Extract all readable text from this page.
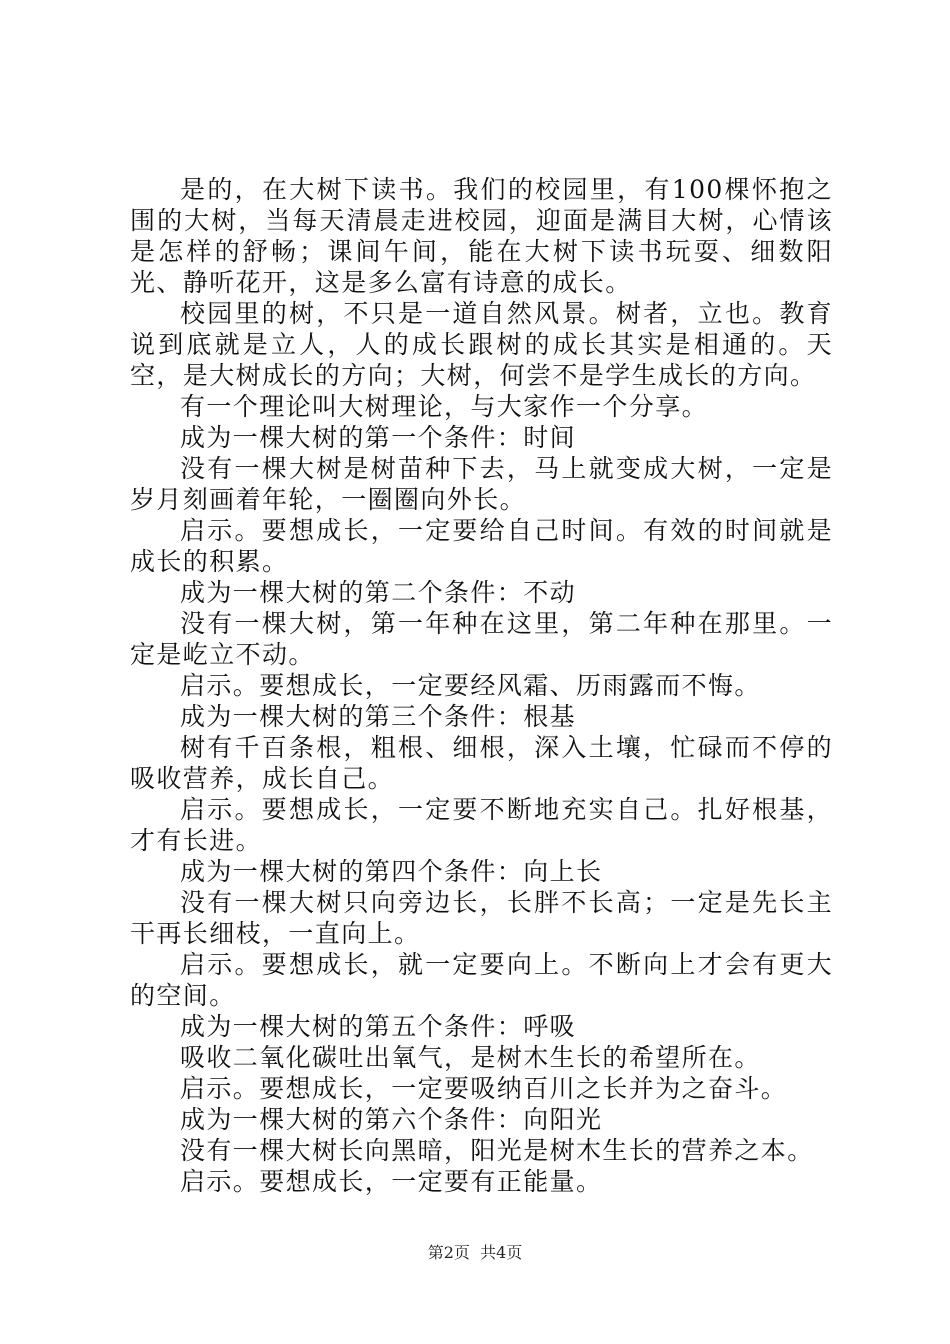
是的，在大树下读书。我们的校园里，有100棵怀抱之围的大树，当每天清晨走进校园，迎面是满目大树，心情该是怎样的舒畅；课间午间，能在大树下读书玩耍、细数阳光、静听花开，这是多么富有诗意的成长。

校园里的树，不只是一道自然风景。树者，立也。教育说到底就是立人，人的成长跟树的成长其实是相通的。天空，是大树成长的方向；大树，何尝不是学生成长的方向。

有一个理论叫大树理论，与大家作一个分享。

成为一棵大树的第一个条件：时间

没有一棵大树是树苗种下去，马上就变成大树，一定是岁月刻画着年轮，一圈圈向外长。

启示。要想成长，一定要给自己时间。有效的时间就是成长的积累。

成为一棵大树的第二个条件：不动

没有一棵大树，第一年种在这里，第二年种在那里。一定是屹立不动。

启示。要想成长，一定要经风霜、历雨露而不悔。

成为一棵大树的第三个条件：根基

树有千百条根，粗根、细根，深入土壤，忙碌而不停的吸收营养，成长自己。

启示。要想成长，一定要不断地充实自己。扎好根基，才有长进。

成为一棵大树的第四个条件：向上长

没有一棵大树只向旁边长，长胖不长高；一定是先长主干再长细枝，一直向上。

启示。要想成长，就一定要向上。不断向上才会有更大的空间。

成为一棵大树的第五个条件：呼吸

吸收二氧化碳吐出氧气，是树木生长的希望所在。

启示。要想成长，一定要吸纳百川之长并为之奋斗。

成为一棵大树的第六个条件：向阳光

没有一棵大树长向黑暗，阳光是树木生长的营养之本。

启示。要想成长，一定要有正能量。

第2页  共4页
